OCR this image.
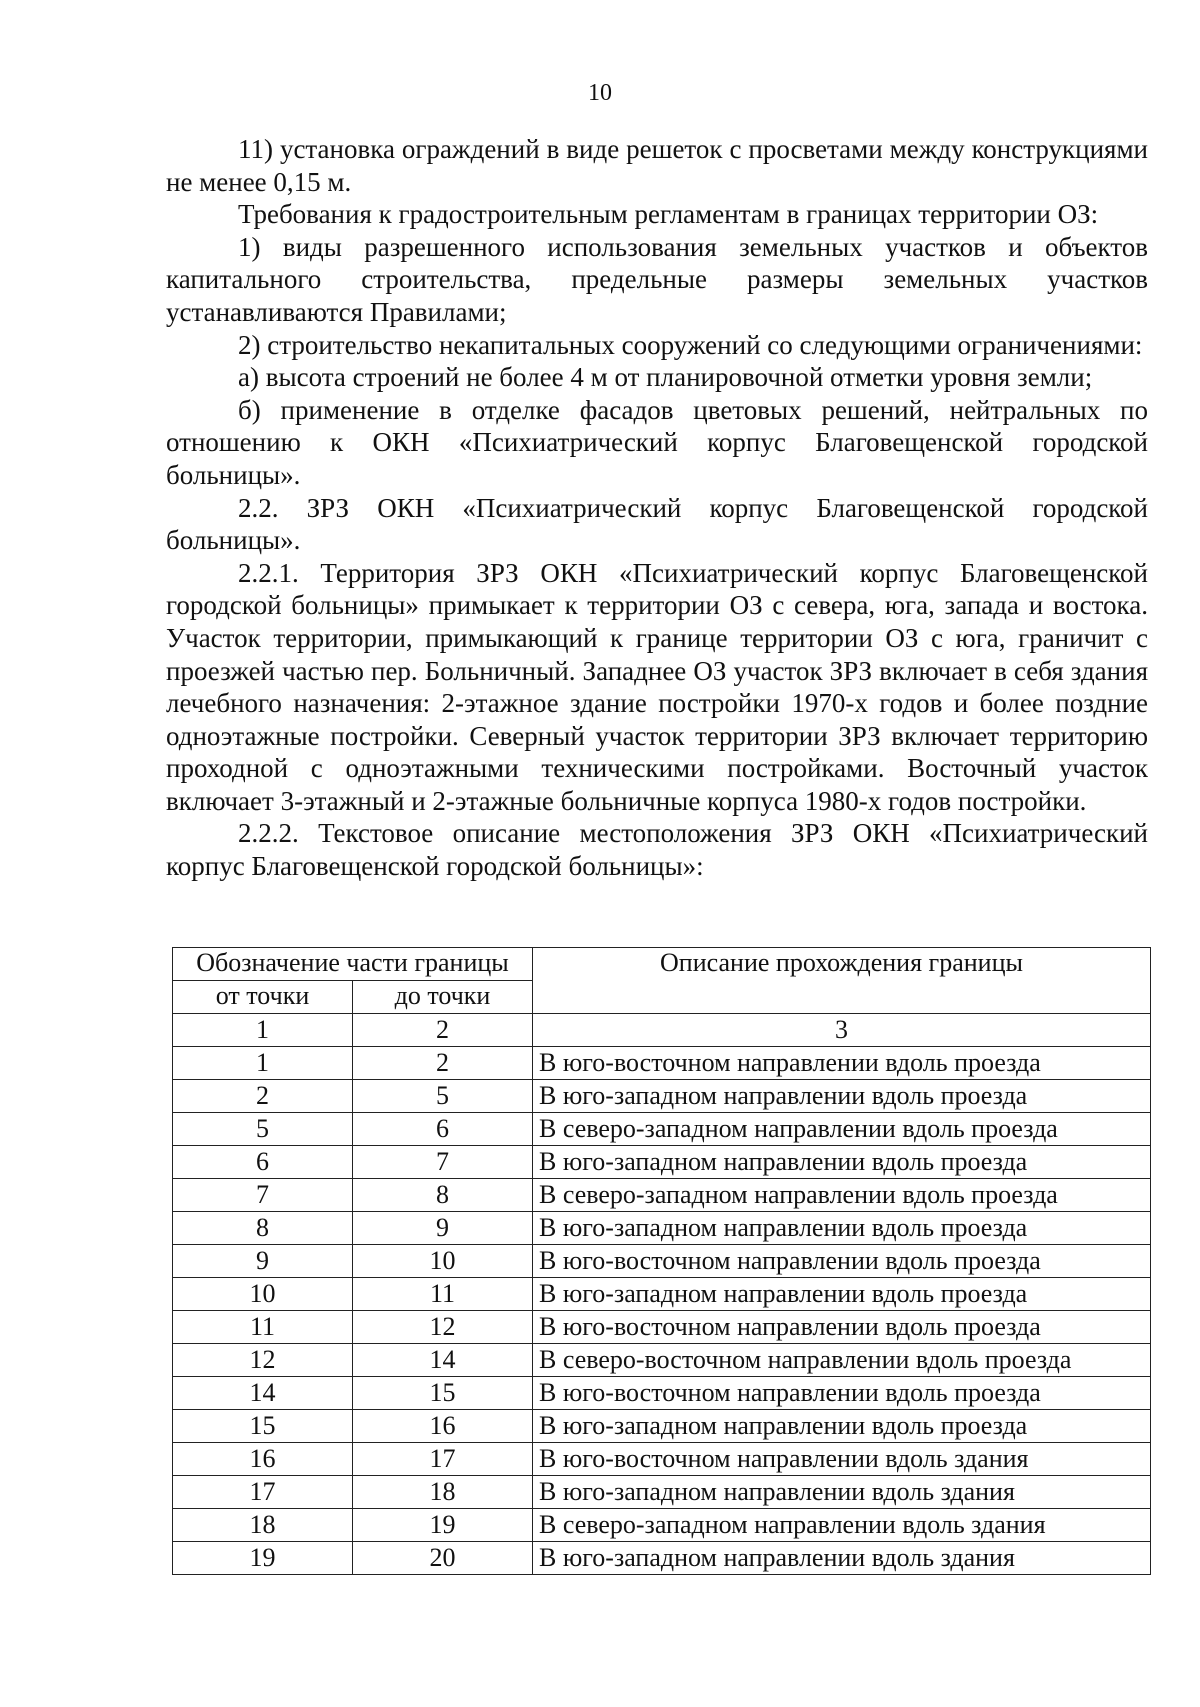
10

11) установка ограждений в виде решеток с просветами между конструкциями не менее 0,15 м.

Требования к градостроительным регламентам в границах территории ОЗ:

1) виды разрешенного использования земельных участков и объектов капитального строительства, предельные размеры земельных участков устанавливаются Правилами;

2) строительство некапитальных сооружений со следующими ограничениями:

а) высота строений не более 4 м от планировочной отметки уровня земли;

б) применение в отделке фасадов цветовых решений, нейтральных по отношению к ОКН «Психиатрический корпус Благовещенской городской больницы».

2.2. ЗРЗ ОКН «Психиатрический корпус Благовещенской городской больницы».

2.2.1. Территория ЗРЗ ОКН «Психиатрический корпус Благовещенской городской больницы» примыкает к территории ОЗ с севера, юга, запада и востока. Участок территории, примыкающий к границе территории ОЗ с юга, граничит с проезжей частью пер. Больничный. Западнее ОЗ участок ЗРЗ включает в себя здания лечебного назначения: 2-этажное здание постройки 1970-х годов и более поздние одноэтажные постройки. Северный участок территории ЗРЗ включает территорию проходной с одноэтажными техническими постройками. Восточный участок включает 3-этажный и 2-этажные больничные корпуса 1980-х годов постройки.

2.2.2. Текстовое описание местоположения ЗРЗ ОКН «Психиатрический корпус Благовещенской городской больницы»:

Обозначение части границы		Описание прохождения границы
от точки	до точки	
1	2	3
1	2	В юго-восточном направлении вдоль проезда
2	5	В юго-западном направлении вдоль проезда
5	6	В северо-западном направлении вдоль проезда
6	7	В юго-западном направлении вдоль проезда
7	8	В северо-западном направлении вдоль проезда
8	9	В юго-западном направлении вдоль проезда
9	10	В юго-восточном направлении вдоль проезда
10	11	В юго-западном направлении вдоль проезда
11	12	В юго-восточном направлении вдоль проезда
12	14	В северо-восточном направлении вдоль проезда
14	15	В юго-восточном направлении вдоль проезда
15	16	В юго-западном направлении вдоль проезда
16	17	В юго-восточном направлении вдоль здания
17	18	В юго-западном направлении вдоль здания
18	19	В северо-западном направлении вдоль здания
19	20	В юго-западном направлении вдоль здания
